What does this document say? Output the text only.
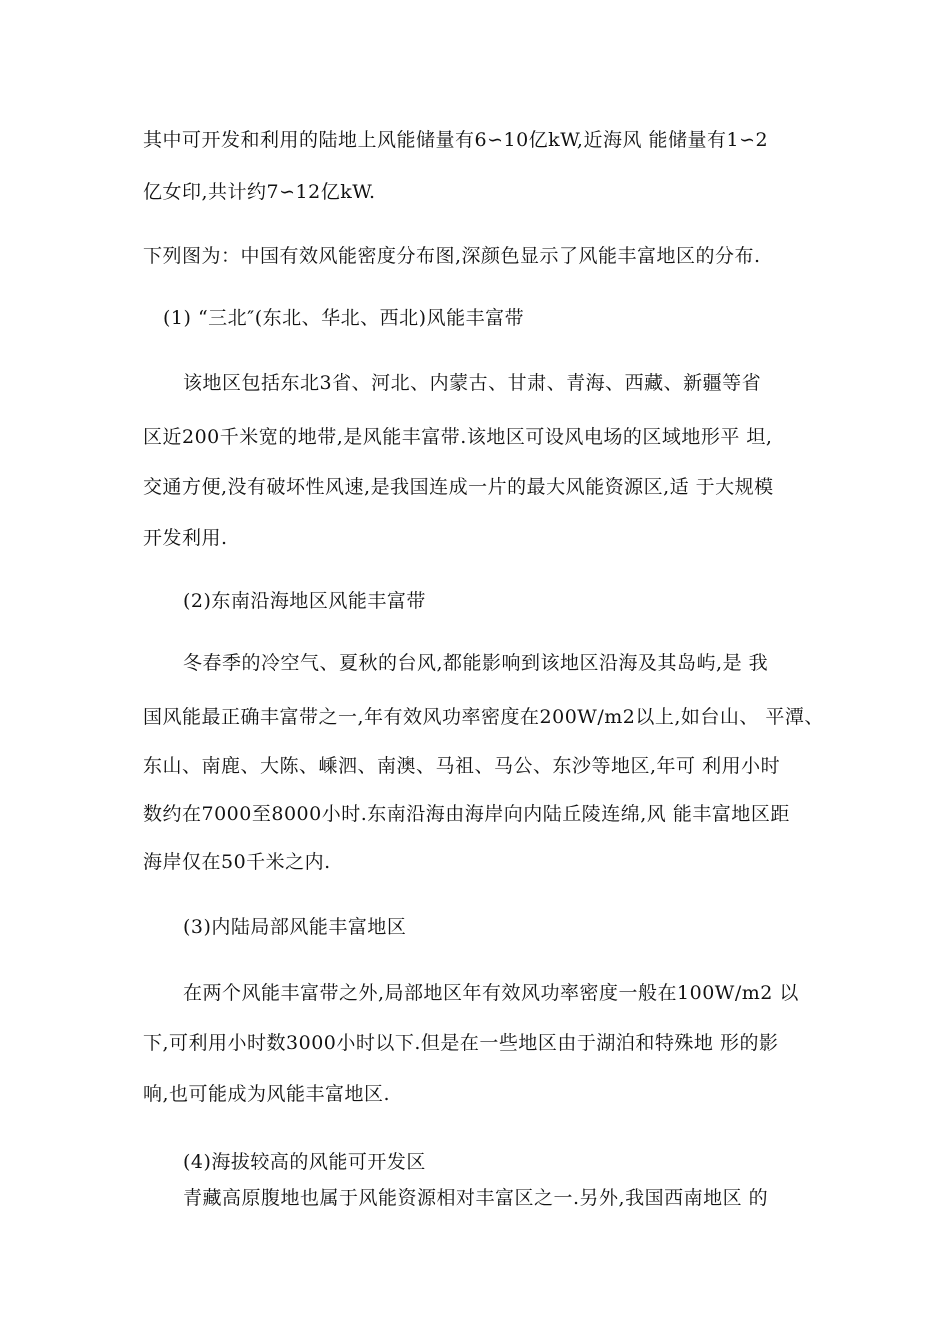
其中可开发和利用的陆地上风能储量有6∽10亿kW,近海风 能储量有1∽2
亿女印,共计约7∽12亿kW.
下列图为：中国有效风能密度分布图,深颜色显示了风能丰富地区的分布.
(1) “三北″(东北、华北、西北)风能丰富带
该地区包括东北3省、河北、内蒙古、甘肃、青海、西藏、新疆等省
区近200千米宽的地带,是风能丰富带.该地区可设风电场的区域地形平 坦,
交通方便,没有破坏性风速,是我国连成一片的最大风能资源区,适 于大规模
开发利用.
(2)东南沿海地区风能丰富带
冬春季的冷空气、夏秋的台风,都能影响到该地区沿海及其岛屿,是 我
国风能最正确丰富带之一,年有效风功率密度在200W/m2以上,如台山、 平潭、
东山、南鹿、大陈、嵊泗、南澳、马祖、马公、东沙等地区,年可 利用小时
数约在7000至8000小时.东南沿海由海岸向内陆丘陵连绵,风 能丰富地区距
海岸仅在50千米之内.
(3)内陆局部风能丰富地区
在两个风能丰富带之外,局部地区年有效风功率密度一般在100W/m2 以
下,可利用小时数3000小时以下.但是在一些地区由于湖泊和特殊地 形的影
响,也可能成为风能丰富地区.
(4)海拔较高的风能可开发区
青藏高原腹地也属于风能资源相对丰富区之一.另外,我国西南地区 的
